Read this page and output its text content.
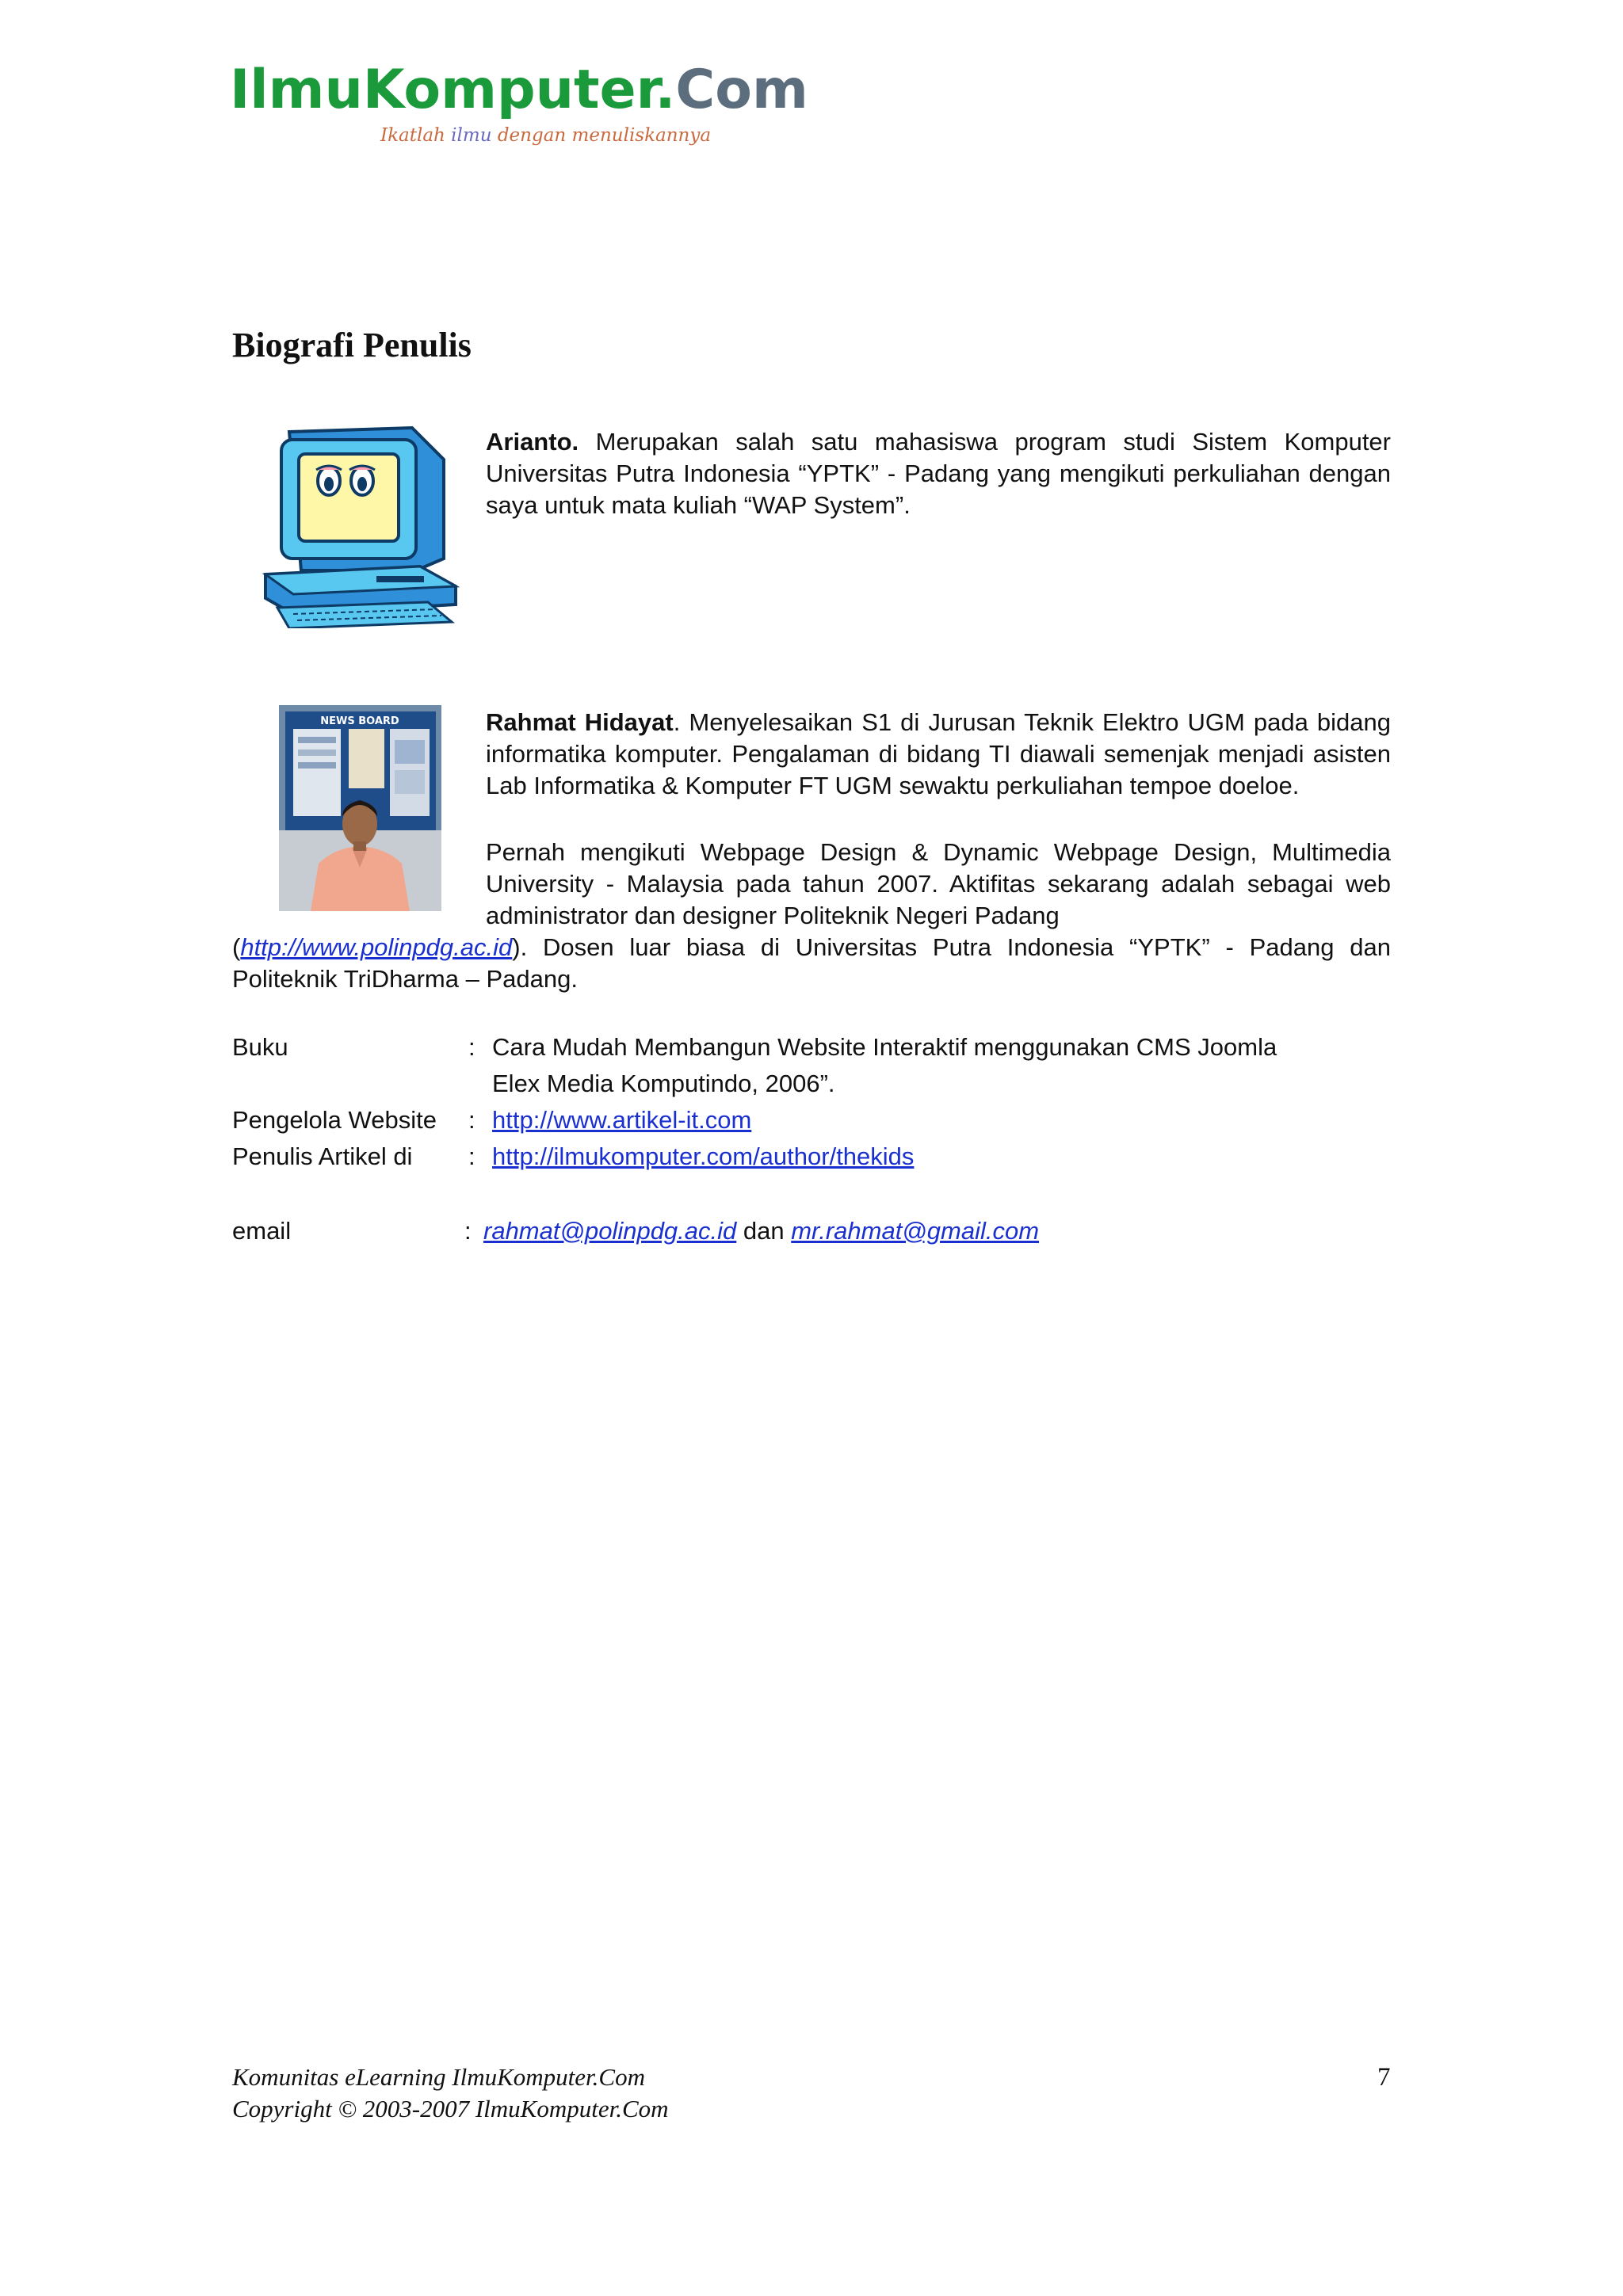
IlmuKomputer.Com
Ikatlah ilmu dengan menuliskannya
Biografi Penulis
Arianto. Merupakan salah satu mahasiswa program studi Sistem Komputer Universitas Putra Indonesia “YPTK” - Padang yang mengikuti perkuliahan dengan saya untuk mata kuliah “WAP System”.
NEWS BOARD	Rahmat Hidayat. Menyelesaikan S1 di Jurusan Teknik Elektro UGM pada bidang informatika komputer. Pengalaman di bidang TI diawali semenjak menjadi asisten Lab Informatika & Komputer FT UGM sewaktu perkuliahan tempoe doeloe.
Pernah mengikuti Webpage Design & Dynamic Webpage Design, Multimedia University - Malaysia pada tahun 2007. Aktifitas sekarang adalah sebagai web administrator dan designer Politeknik Negeri Padang
(http://www.polinpdg.ac.id). Dosen luar biasa di Universitas Putra Indonesia “YPTK” - Padang dan Politeknik TriDharma – Padang.
Buku	: Cara Mudah Membangun Website Interaktif menggunakan CMS Joomla
Elex Media Komputindo, 2006”.
Pengelola Website : http://www.artikel-it.com
Penulis Artikel di : http://ilmukomputer.com/author/thekids
email	: rahmat@polinpdg.ac.id dan mr.rahmat@gmail.com
Komunitas eLearning IlmuKomputer.Com
Copyright © 2003-2007 IlmuKomputer.Com
7
